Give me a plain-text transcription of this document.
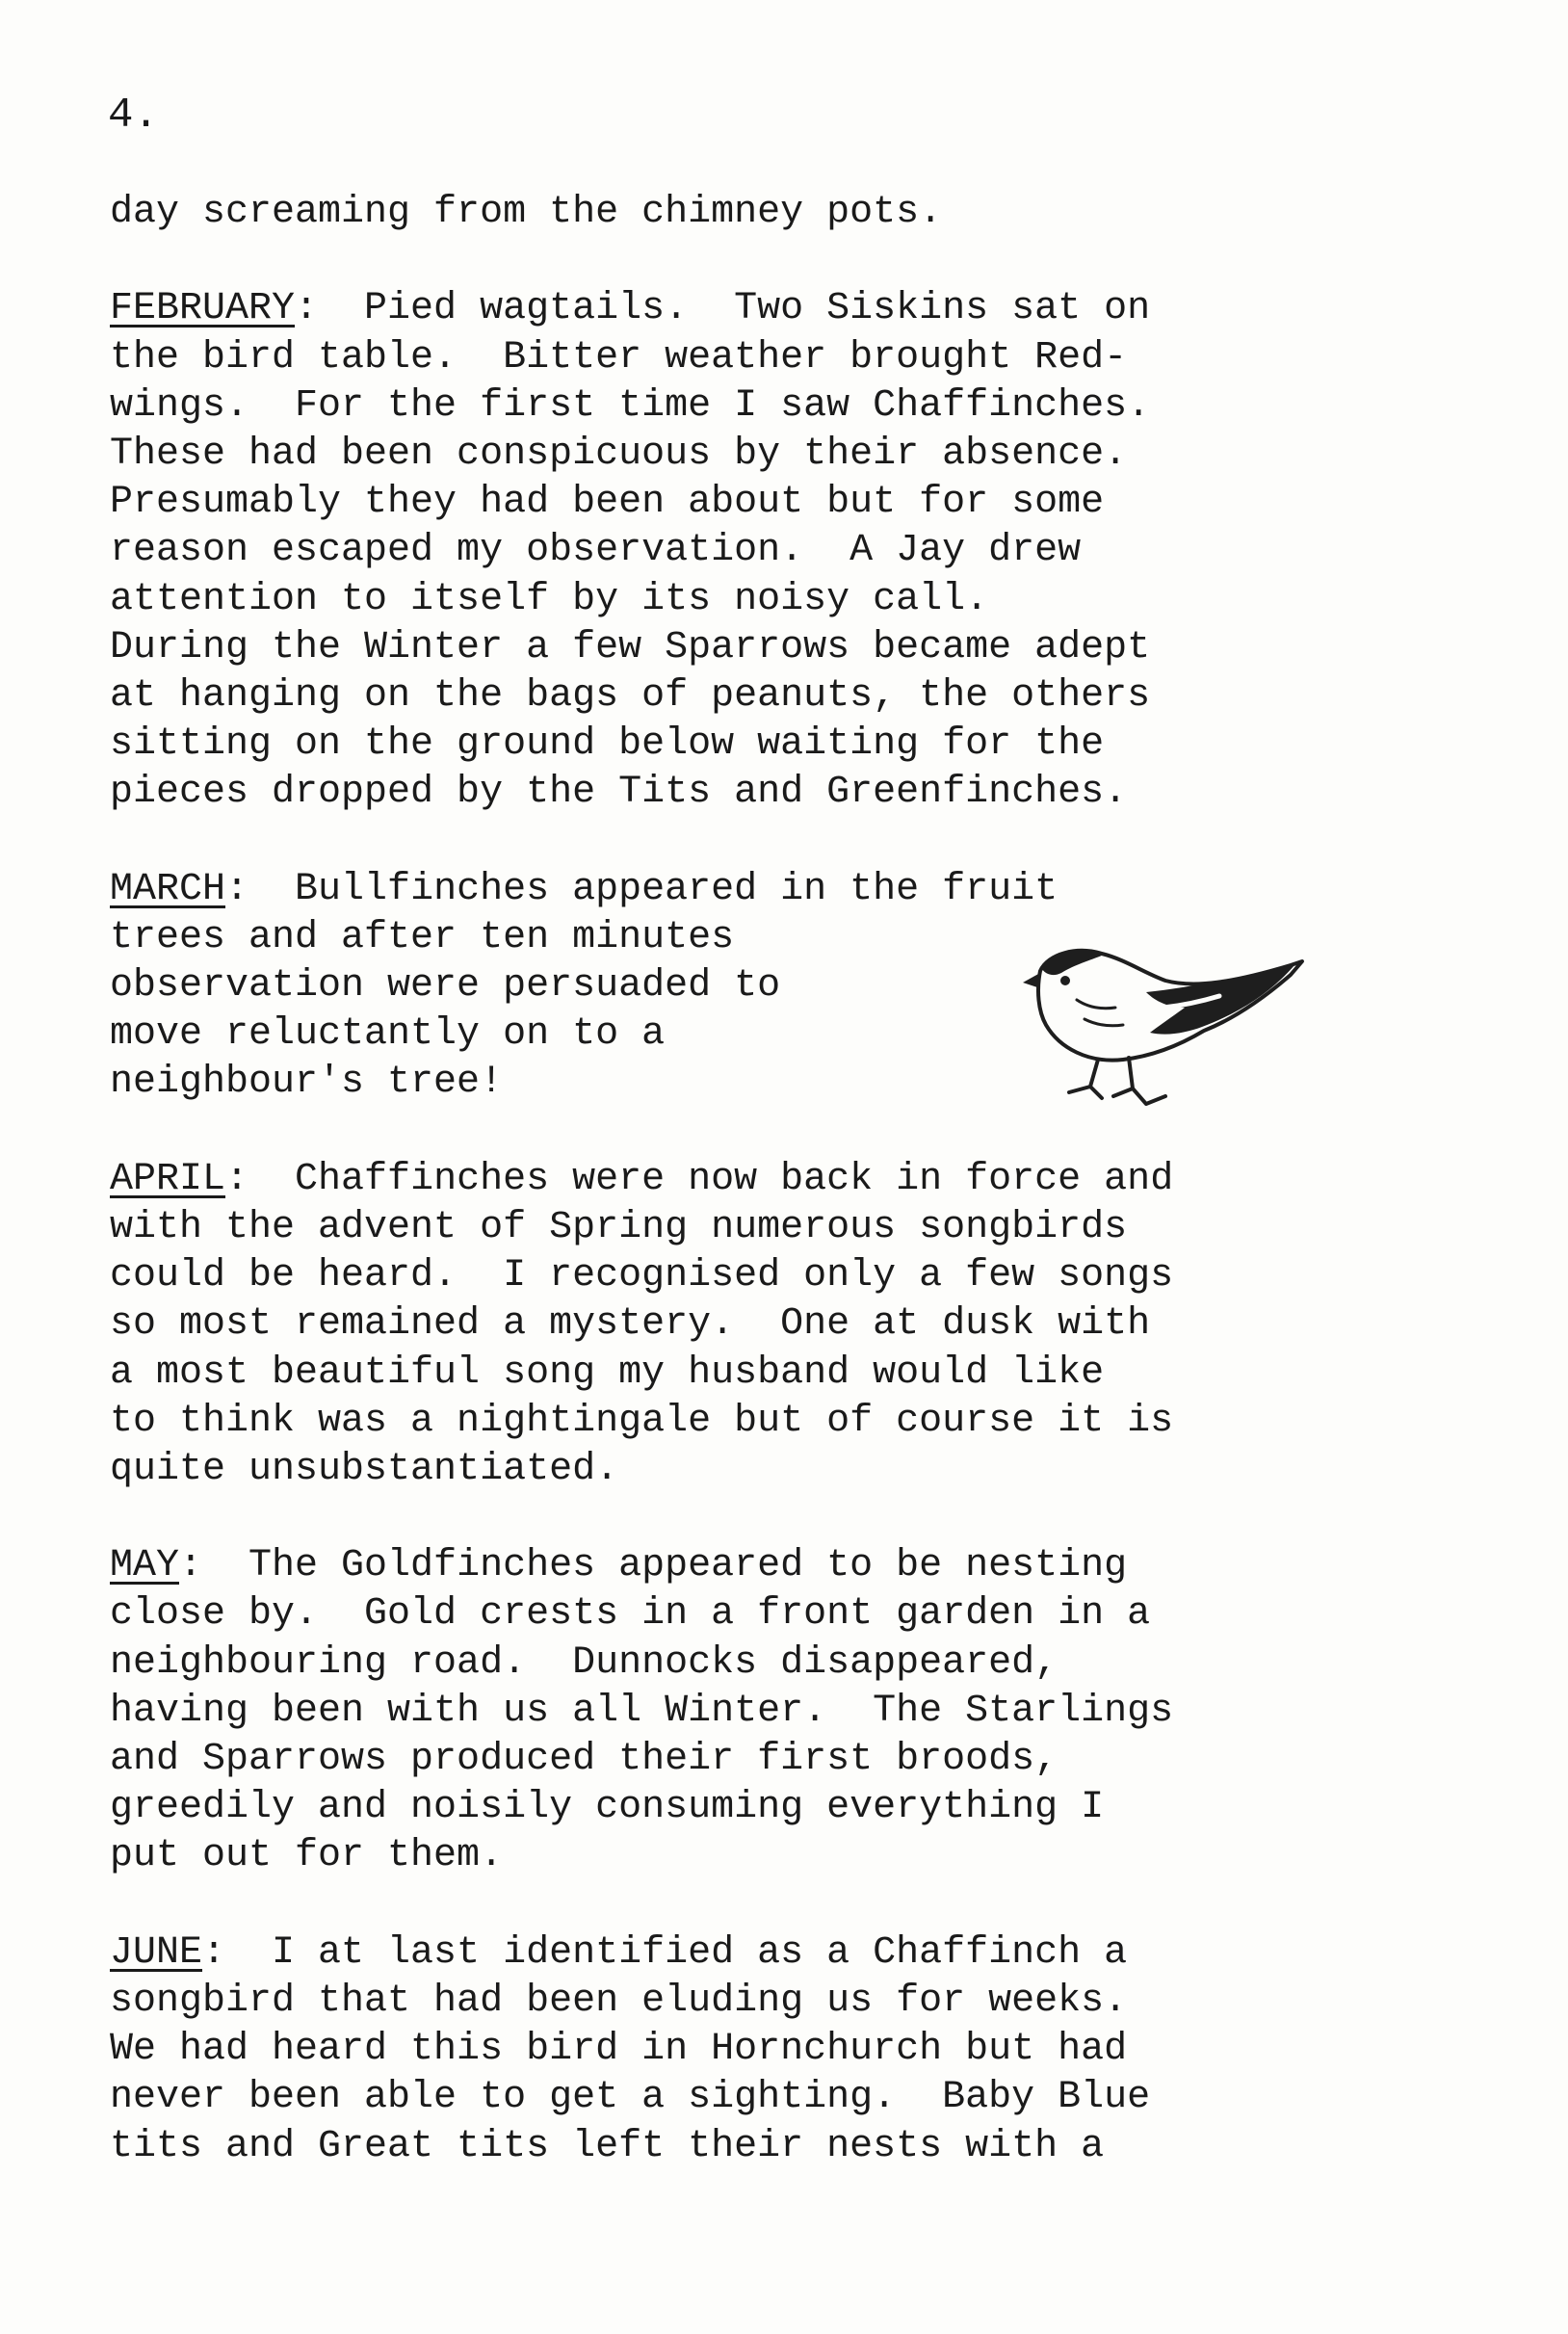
4.

day screaming from the chimney pots.

FEBRUARY:  Pied wagtails.  Two Siskins sat on

the bird table.  Bitter weather brought Red-

wings.  For the first time I saw Chaffinches.

These had been conspicuous by their absence.

Presumably they had been about but for some

reason escaped my observation.  A Jay drew

attention to itself by its noisy call.

During the Winter a few Sparrows became adept

at hanging on the bags of peanuts, the others

sitting on the ground below waiting for the

pieces dropped by the Tits and Greenfinches.

MARCH:  Bullfinches appeared in the fruit

trees and after ten minutes

observation were persuaded to

move reluctantly on to a

neighbour's tree!

APRIL:  Chaffinches were now back in force and

with the advent of Spring numerous songbirds

could be heard.  I recognised only a few songs

so most remained a mystery.  One at dusk with

a most beautiful song my husband would like

to think was a nightingale but of course it is

quite unsubstantiated.

MAY:  The Goldfinches appeared to be nesting

close by.  Gold crests in a front garden in a

neighbouring road.  Dunnocks disappeared,

having been with us all Winter.  The Starlings

and Sparrows produced their first broods,

greedily and noisily consuming everything I

put out for them.

JUNE:  I at last identified as a Chaffinch a

songbird that had been eluding us for weeks.

We had heard this bird in Hornchurch but had

never been able to get a sighting.  Baby Blue

tits and Great tits left their nests with a
